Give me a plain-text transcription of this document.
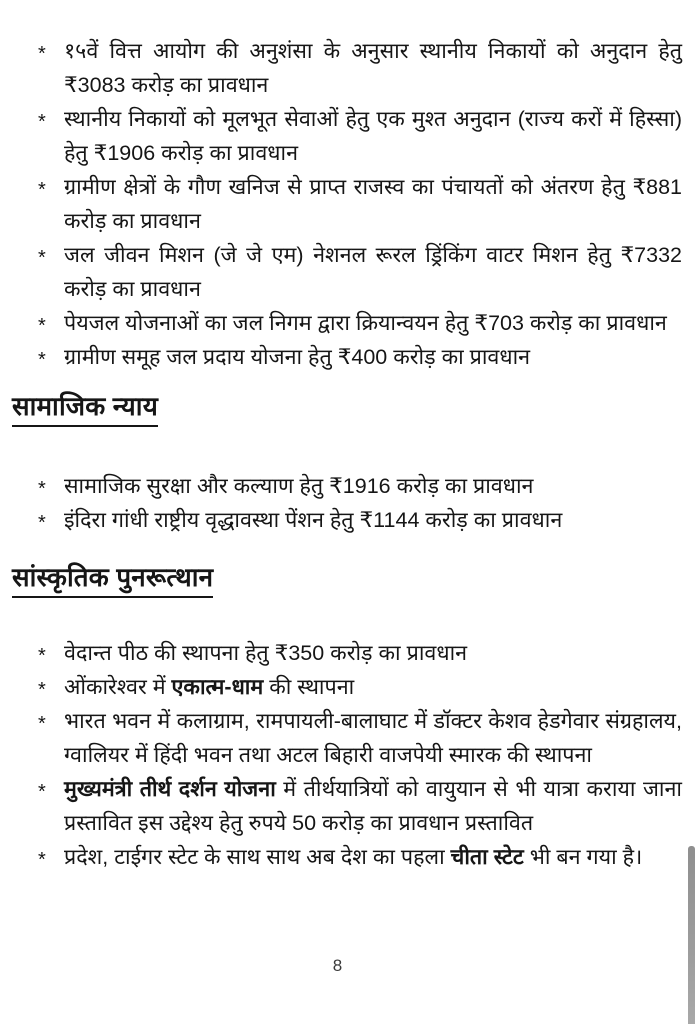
* १५वें वित्त आयोग की अनुशंसा के अनुसार स्थानीय निकायों को अनुदान हेतु ₹3083 करोड़ का प्रावधान
* स्थानीय निकायों को मूलभूत सेवाओं हेतु एक मुश्त अनुदान (राज्य करों में हिस्सा) हेतु ₹1906 करोड़ का प्रावधान
* ग्रामीण क्षेत्रों के गौण खनिज से प्राप्त राजस्व का पंचायतों को अंतरण हेतु ₹881 करोड़ का प्रावधान
* जल जीवन मिशन (जे जे एम) नेशनल रूरल ड्रिंकिंग वाटर मिशन हेतु ₹7332 करोड़ का प्रावधान
* पेयजल योजनाओं का जल निगम द्वारा क्रियान्वयन हेतु ₹703 करोड़ का प्रावधान
* ग्रामीण समूह जल प्रदाय योजना हेतु ₹400 करोड़ का प्रावधान
सामाजिक न्याय
* सामाजिक सुरक्षा और कल्याण हेतु ₹1916 करोड़ का प्रावधान
* इंदिरा गांधी राष्ट्रीय वृद्धावस्था पेंशन हेतु ₹1144 करोड़ का प्रावधान
सांस्कृतिक पुनरूत्थान
* वेदान्त पीठ की स्थापना हेतु ₹350 करोड़ का प्रावधान
* ओंकारेश्वर में एकात्म-धाम की स्थापना
* भारत भवन में कलाग्राम, रामपायली-बालाघाट में डॉक्टर केशव हेडगेवार संग्रहालय, ग्वालियर में हिंदी भवन तथा अटल बिहारी वाजपेयी स्मारक की स्थापना
* मुख्यमंत्री तीर्थ दर्शन योजना में तीर्थयात्रियों को वायुयान से भी यात्रा कराया जाना प्रस्तावित इस उद्देश्य हेतु रुपये 50 करोड़ का प्रावधान प्रस्तावित
* प्रदेश, टाईगर स्टेट के साथ साथ अब देश का पहला चीता स्टेट भी बन गया है।
8
